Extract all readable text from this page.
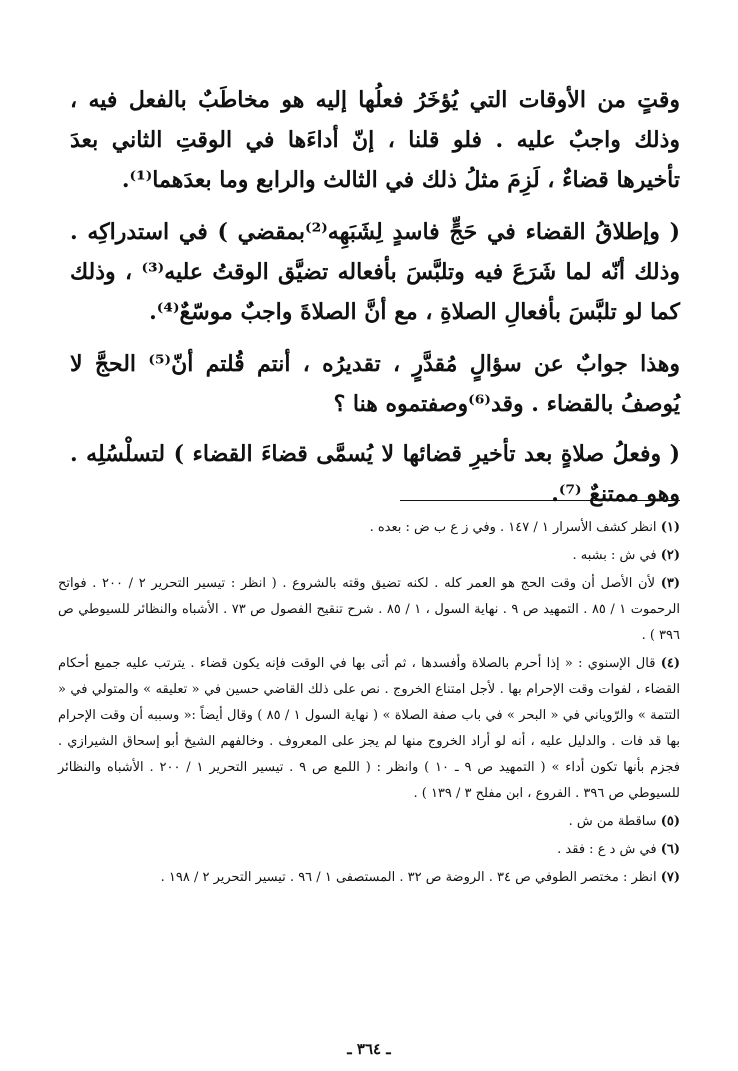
وقتٍ من الأوقات التي يُؤخَرُ فعلُها إليه هو مخاطَبٌ بالفعل فيه ، وذلك واجبٌ عليه . فلو قلنا ، إنّ أداءَها في الوقتِ الثاني بعدَ تأخيرها قضاءٌ ، لَزِمَ مثلُ ذلك في الثالث والرابع وما بعدَهما⁽¹⁾.

( وإطلاقُ القضاء في حَجٍّ فاسدٍ لِشَبَهِه⁽²⁾بمقضي ) في استدراكِه . وذلك أنّه لما شَرَعَ فيه وتلبَّسَ بأفعاله تضيَّق الوقتُ عليه⁽³⁾ ، وذلك كما لو تلبَّسَ بأفعالِ الصلاةِ ، مع أنَّ الصلاةَ واجبٌ موسّعٌ⁽⁴⁾.

وهذا جوابٌ عن سؤالٍ مُقدَّرٍ ، تقديرُه ، أنتم قُلتم أنّ⁽⁵⁾ الحجَّ لا يُوصفُ بالقضاء . وقد⁽⁶⁾وصفتموه هنا ؟

( وفعلُ صلاةٍ بعد تأخيرِ قضائها لا يُسمَّى قضاءَ القضاء ) لتسلْسُلِه . وهو ممتنعٌ ⁽⁷⁾.

(١) انظر كشف الأسرار ١ / ١٤٧ . وفي ز ع ب ض : بعده .
(٢) في ش : بشبه .
(٣) لأن الأصل أن وقت الحج هو العمر كله . لكنه تضيق وقته بالشروع . ( انظر : تيسير التحرير ٢ / ٢٠٠ . فواتح الرحموت ١ / ٨٥ . التمهيد ص ٩ . نهاية السول ، ١ / ٨٥ . شرح تنقيح الفصول ص ٧٣ . الأشباه والنظائر للسيوطي ص ٣٩٦ ) .
(٤) قال الإسنوي : « إذا أحرم بالصلاة وأفسدها ، ثم أتى بها في الوقت فإنه يكون قضاء . يترتب عليه جميع أحكام القضاء ، لفوات وقت الإحرام بها . لأجل امتناع الخروج . نص على ذلك القاضي حسين في « تعليقه » والمتولي في « التتمة » والرّوياني في « البحر » في باب صفة الصلاة » ( نهاية السول ١ / ٨٥ ) وقال أيضاً :« وسببه أن وقت الإحرام بها قد فات . والدليل عليه ، أنه لو أراد الخروج منها لم يجز على المعروف . وخالفهم الشيخ أبو إسحاق الشيرازي . فجزم بأنها تكون أداء » ( التمهيد ص ٩ ـ ١٠ ) وانظر : ( اللمع ص ٩ . تيسير التحرير ١ / ٢٠٠ . الأشباه والنظائر للسيوطي ص ٣٩٦ . الفروع ، ابن مفلح ٣ / ١٣٩ ) .
(٥) ساقطة من ش .
(٦) في ش د ع : فقد .
(٧) انظر : مختصر الطوفي ص ٣٤ . الروضة ص ٣٢ . المستصفى ١ / ٩٦ . تيسير التحرير ٢ / ١٩٨ .
ـ ٣٦٤ ـ
